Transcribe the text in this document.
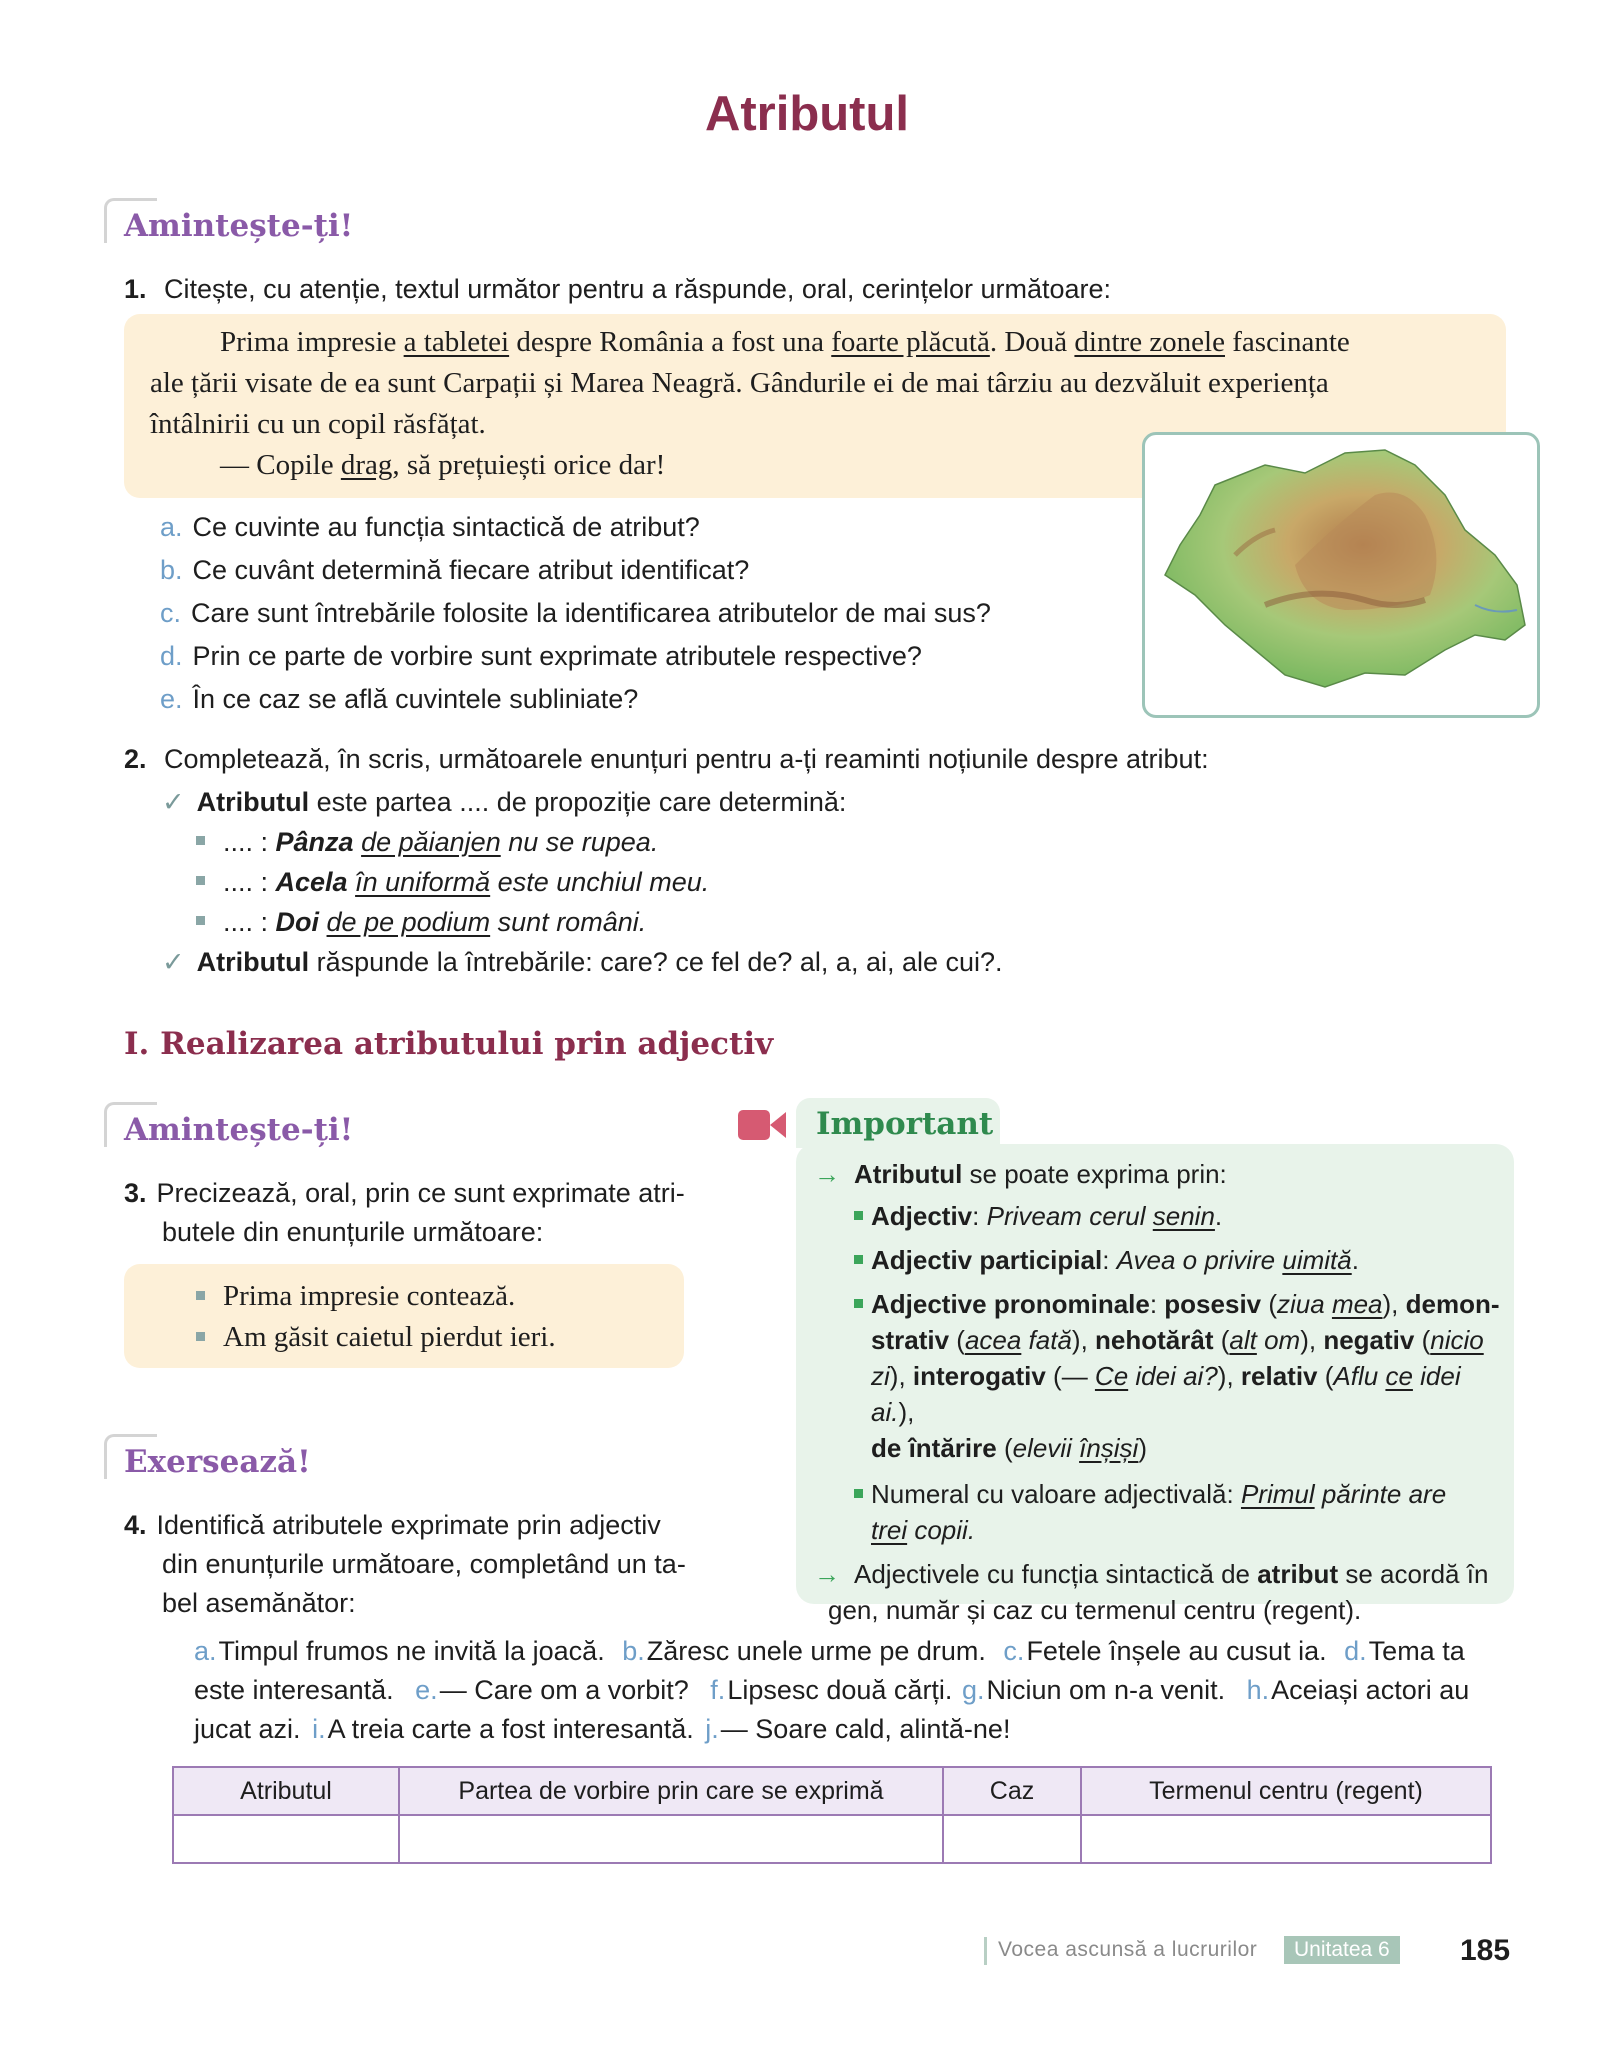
Atributul
Amintește-ți!
1. Citește, cu atenție, textul următor pentru a răspunde, oral, cerințelor următoare:
Prima impresie a tabletei despre România a fost una foarte plăcută. Două dintre zonele fascinante
ale țării visate de ea sunt Carpații și Marea Neagră. Gândurile ei de mai târziu au dezvăluit experiența
întâlnirii cu un copil răsfățat.
— Copile drag, să prețuiești orice dar!
a. Ce cuvinte au funcția sintactică de atribut?
b. Ce cuvânt determină fiecare atribut identificat?
c. Care sunt întrebările folosite la identificarea atributelor de mai sus?
d. Prin ce parte de vorbire sunt exprimate atributele respective?
e. În ce caz se află cuvintele subliniate?
2. Completează, în scris, următoarele enunțuri pentru a-ți reaminti noțiunile despre atribut:
✓ Atributul este partea .... de propoziție care determină:
.... : Pânza de păianjen nu se rupea.
.... : Acela în uniformă este unchiul meu.
.... : Doi de pe podium sunt români.
✓ Atributul răspunde la întrebările: care? ce fel de? al, a, ai, ale cui?.
I. Realizarea atributului prin adjectiv
Amintește-ți!
3. Precizează, oral, prin ce sunt exprimate atri-
butele din enunțurile următoare:
Prima impresie contează.
Am găsit caietul pierdut ieri.
Exersează!
4. Identifică atributele exprimate prin adjectiv
din enunțurile următoare, completând un ta-
bel asemănător:
Important
→ Atributul se poate exprima prin:
Adjectiv: Priveam cerul senin.
Adjectiv participial: Avea o privire uimită.
Adjective pronominale: posesiv (ziua mea), demon-
strativ (acea fată), nehotărât (alt om), negativ (nicio
zi), interogativ (— Ce idei ai?), relativ (Aflu ce idei ai.),
de întărire (elevii înșiși)
Numeral cu valoare adjectivală: Primul părinte are
trei copii.
→ Adjectivele cu funcția sintactică de atribut se acordă în
gen, număr și caz cu termenul centru (regent).
a.Timpul frumos ne invită la joacă. b.Zăresc unele urme pe drum. c.Fetele înșele au cusut ia. d.Tema ta
este interesantă. e.— Care om a vorbit? f.Lipsesc două cărți. g.Niciun om n-a venit. h.Aceiași actori au
jucat azi. i.A treia carte a fost interesantă. j.— Soare cald, alintă-ne!
Atributul	Partea de vorbire prin care se exprimă	Caz	Termenul centru (regent)

Vocea ascunsă a lucrurilor	Unitatea 6	185
